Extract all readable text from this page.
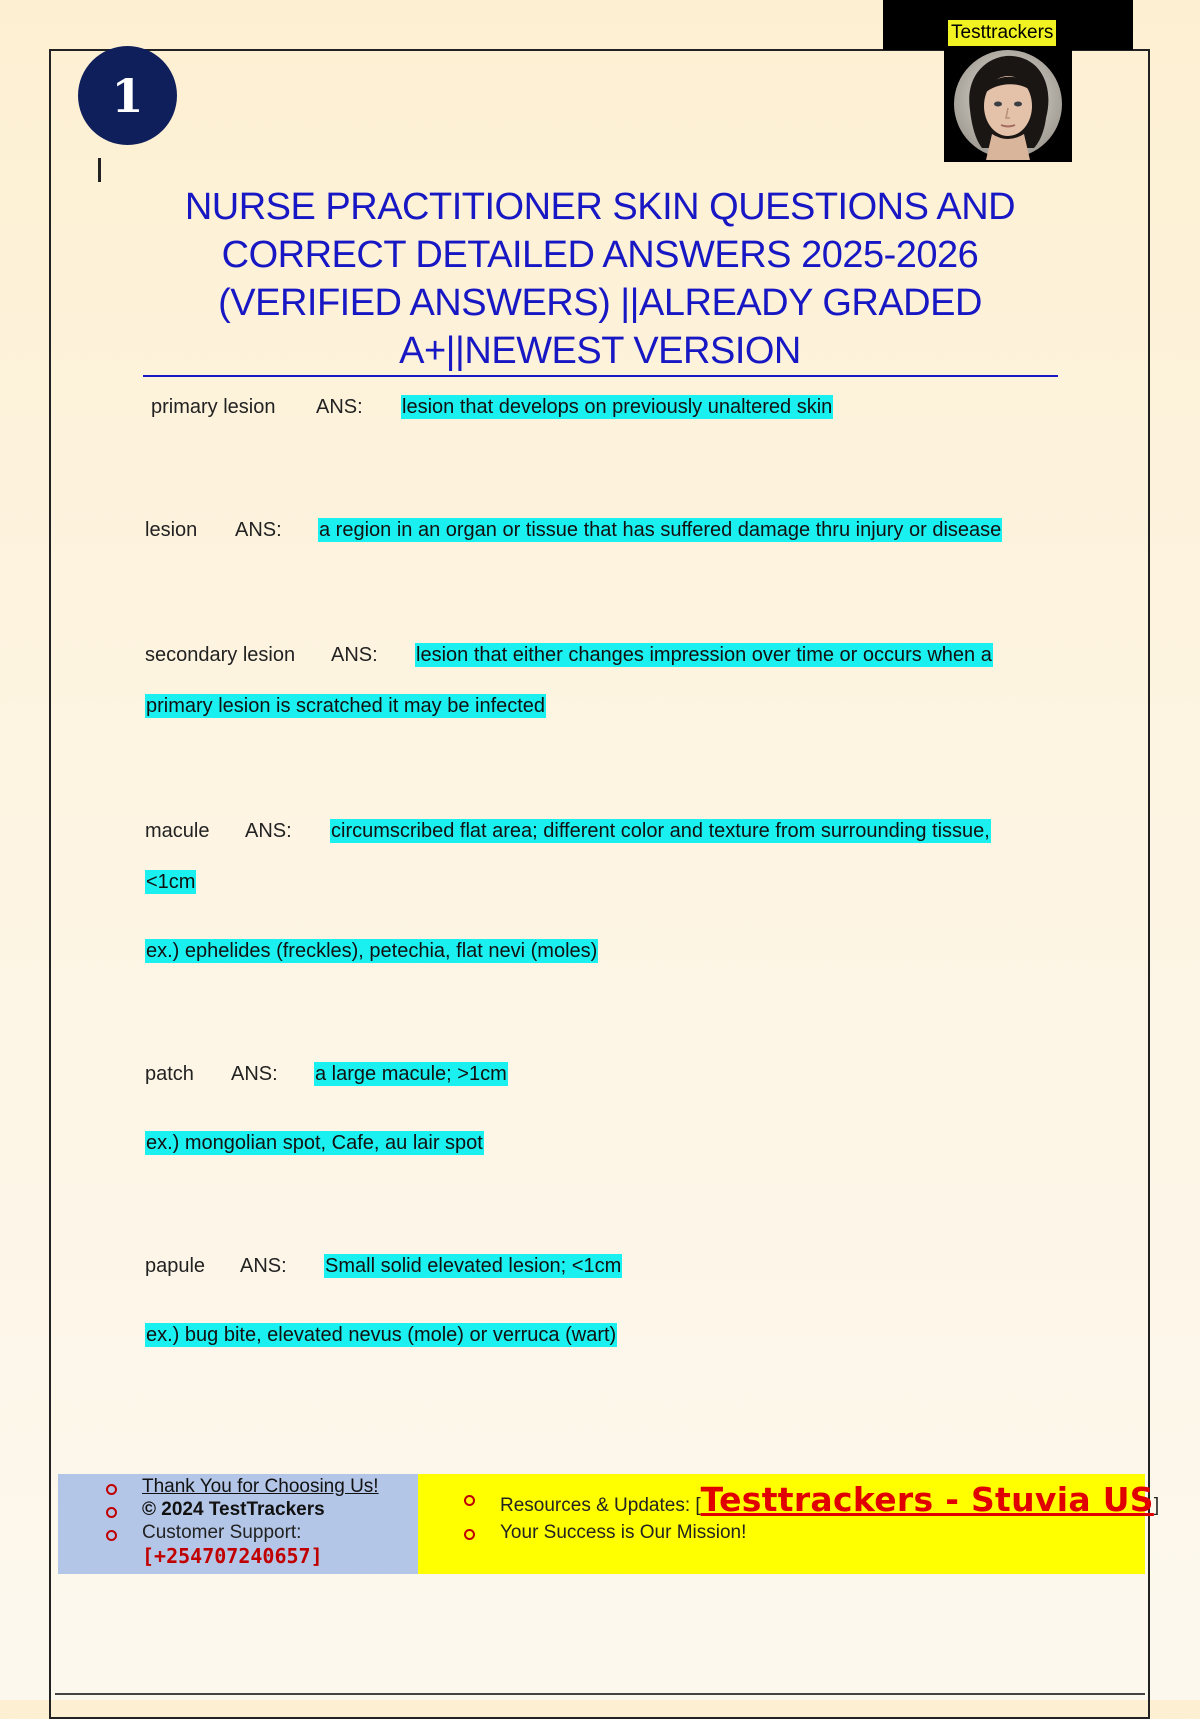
Testtrackers
1
NURSE PRACTITIONER SKIN QUESTIONS AND
CORRECT DETAILED ANSWERS 2025-2026
(VERIFIED ANSWERS) ||ALREADY GRADED
A+||NEWEST VERSION
primary lesion ANS: lesion that develops on previously unaltered skin
lesion ANS: a region in an organ or tissue that has suffered damage thru injury or disease
secondary lesion ANS: lesion that either changes impression over time or occurs when a
primary lesion is scratched it may be infected
macule ANS: circumscribed flat area; different color and texture from surrounding tissue,
<1cm
ex.) ephelides (freckles), petechia, flat nevi (moles)
patch ANS: a large macule; >1cm
ex.) mongolian spot, Cafe, au lair spot
papule ANS: Small solid elevated lesion; <1cm
ex.) bug bite, elevated nevus (mole) or verruca (wart)
Thank You for Choosing Us!
© 2024 TestTrackers
Customer Support:
[+254707240657]
Resources & Updates: [Testtrackers - Stuvia US]
Your Success is Our Mission!
